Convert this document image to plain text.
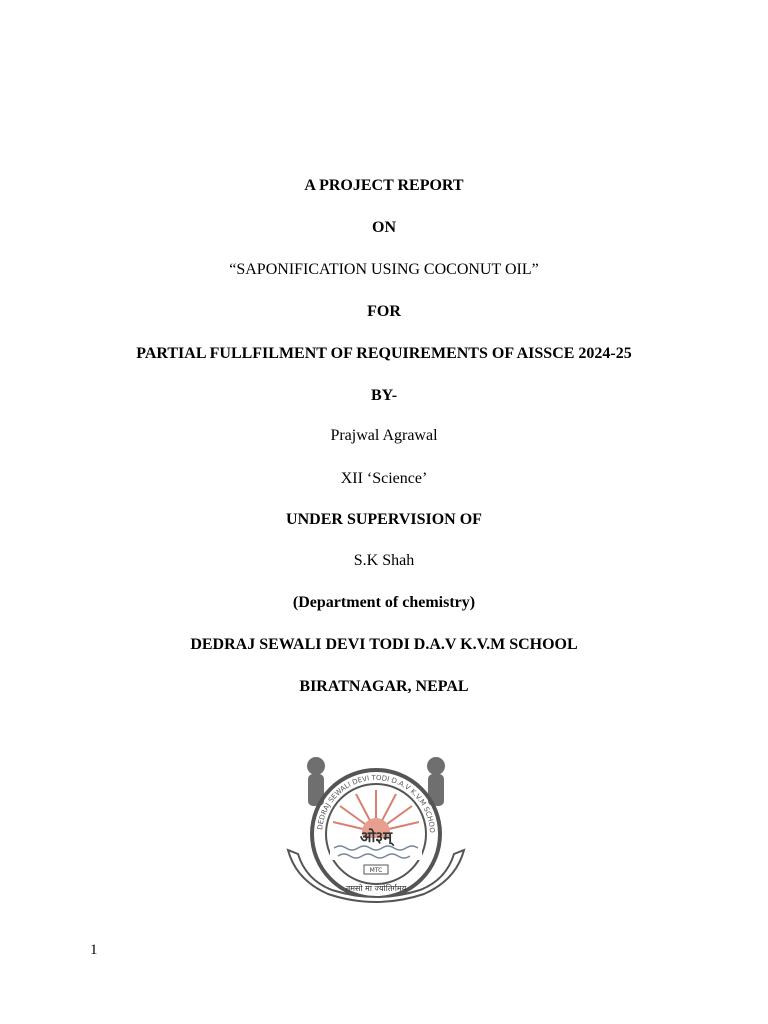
A PROJECT REPORT
ON
“SAPONIFICATION USING COCONUT OIL”
FOR
PARTIAL FULLFILMENT OF REQUIREMENTS OF AISSCE 2024-25
BY-
Prajwal Agrawal
XII ‘Science’
UNDER SUPERVISION OF
S.K Shah
(Department of chemistry)
DEDRAJ SEWALI DEVI TODI D.A.V K.V.M SCHOOL
BIRATNAGAR, NEPAL
DEDRAJ SEWALI DEVI TODI D.A.V K.V.M SCHOO
ओ३म्
तमसो मा ज्योतिर्गमय
MTC
1
